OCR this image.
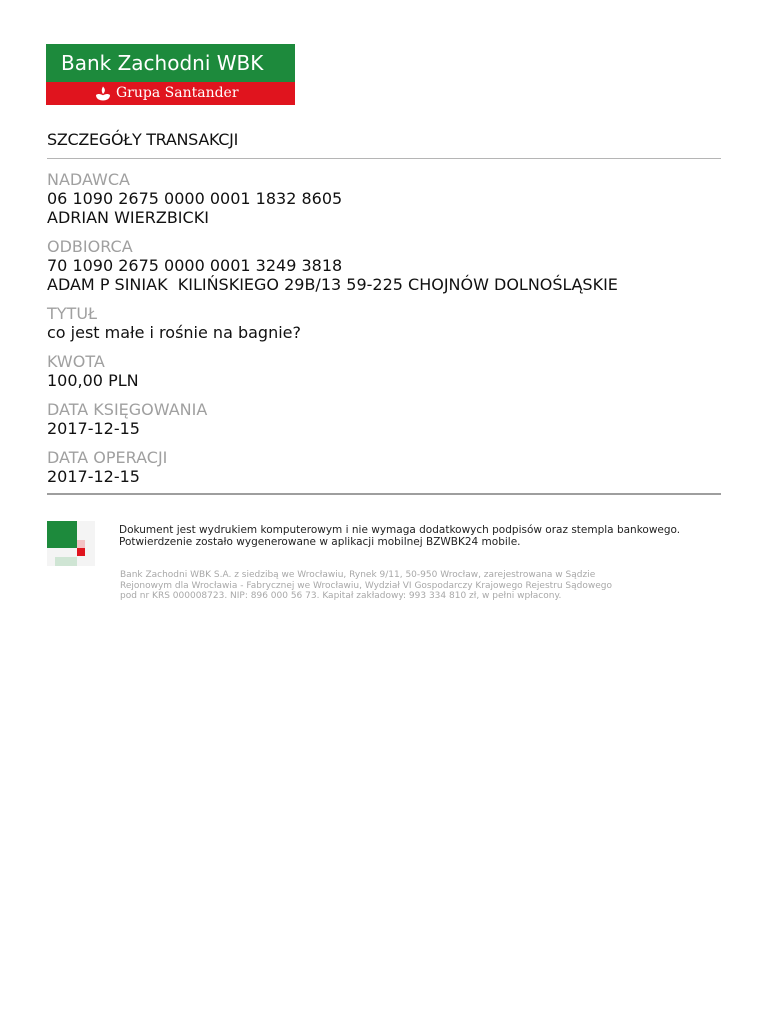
Bank Zachodni WBK
Grupa Santander
SZCZEGÓŁY TRANSAKCJI
NADAWCA
06 1090 2675 0000 0001 1832 8605
ADRIAN WIERZBICKI
ODBIORCA
70 1090 2675 0000 0001 3249 3818
ADAM P SINIAK  KILIŃSKIEGO 29B/13 59-225 CHOJNÓW DOLNOŚLĄSKIE
TYTUŁ
co jest małe i rośnie na bagnie?
KWOTA
100,00 PLN
DATA KSIĘGOWANIA
2017-12-15
DATA OPERACJI
2017-12-15
Dokument jest wydrukiem komputerowym i nie wymaga dodatkowych podpisów oraz stempla bankowego.
Potwierdzenie zostało wygenerowane w aplikacji mobilnej BZWBK24 mobile.
Bank Zachodni WBK S.A. z siedzibą we Wrocławiu, Rynek 9/11, 50-950 Wrocław, zarejestrowana w Sądzie
Rejonowym dla Wrocławia - Fabrycznej we Wrocławiu, Wydział VI Gospodarczy Krajowego Rejestru Sądowego
pod nr KRS 000008723. NIP: 896 000 56 73. Kapitał zakładowy: 993 334 810 zł, w pełni wpłacony.
